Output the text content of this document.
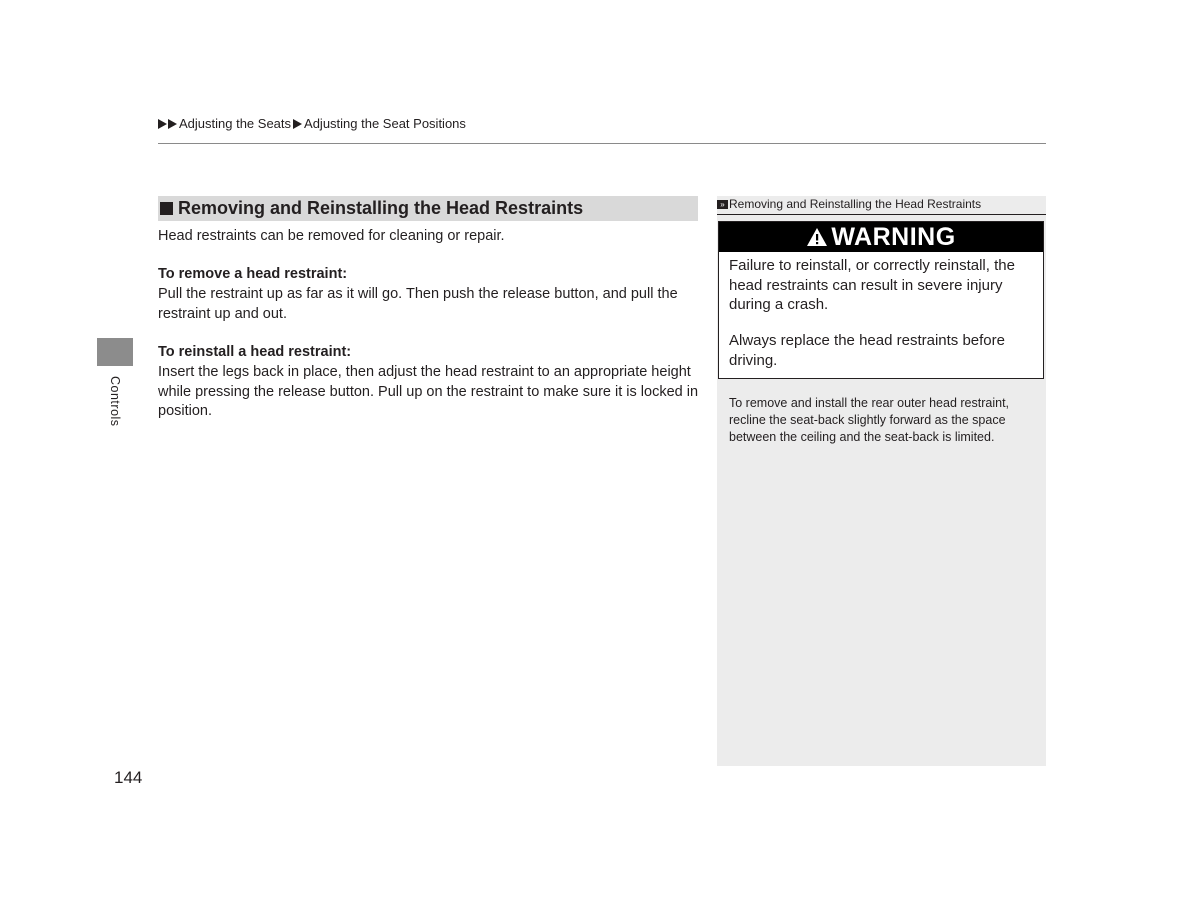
Adjusting the Seats Adjusting the Seat Positions
Removing and Reinstalling the Head Restraints
Head restraints can be removed for cleaning or repair.
To remove a head restraint:
Pull the restraint up as far as it will go. Then push the release button, and pull the restraint up and out.
To reinstall a head restraint:
Insert the legs back in place, then adjust the head restraint to an appropriate height while pressing the release button. Pull up on the restraint to make sure it is locked in position.
» Removing and Reinstalling the Head Restraints
WARNING
Failure to reinstall, or correctly reinstall, the head restraints can result in severe injury during a crash.
Always replace the head restraints before driving.
To remove and install the rear outer head restraint, recline the seat-back slightly forward as the space between the ceiling and the seat-back is limited.
Controls
144
